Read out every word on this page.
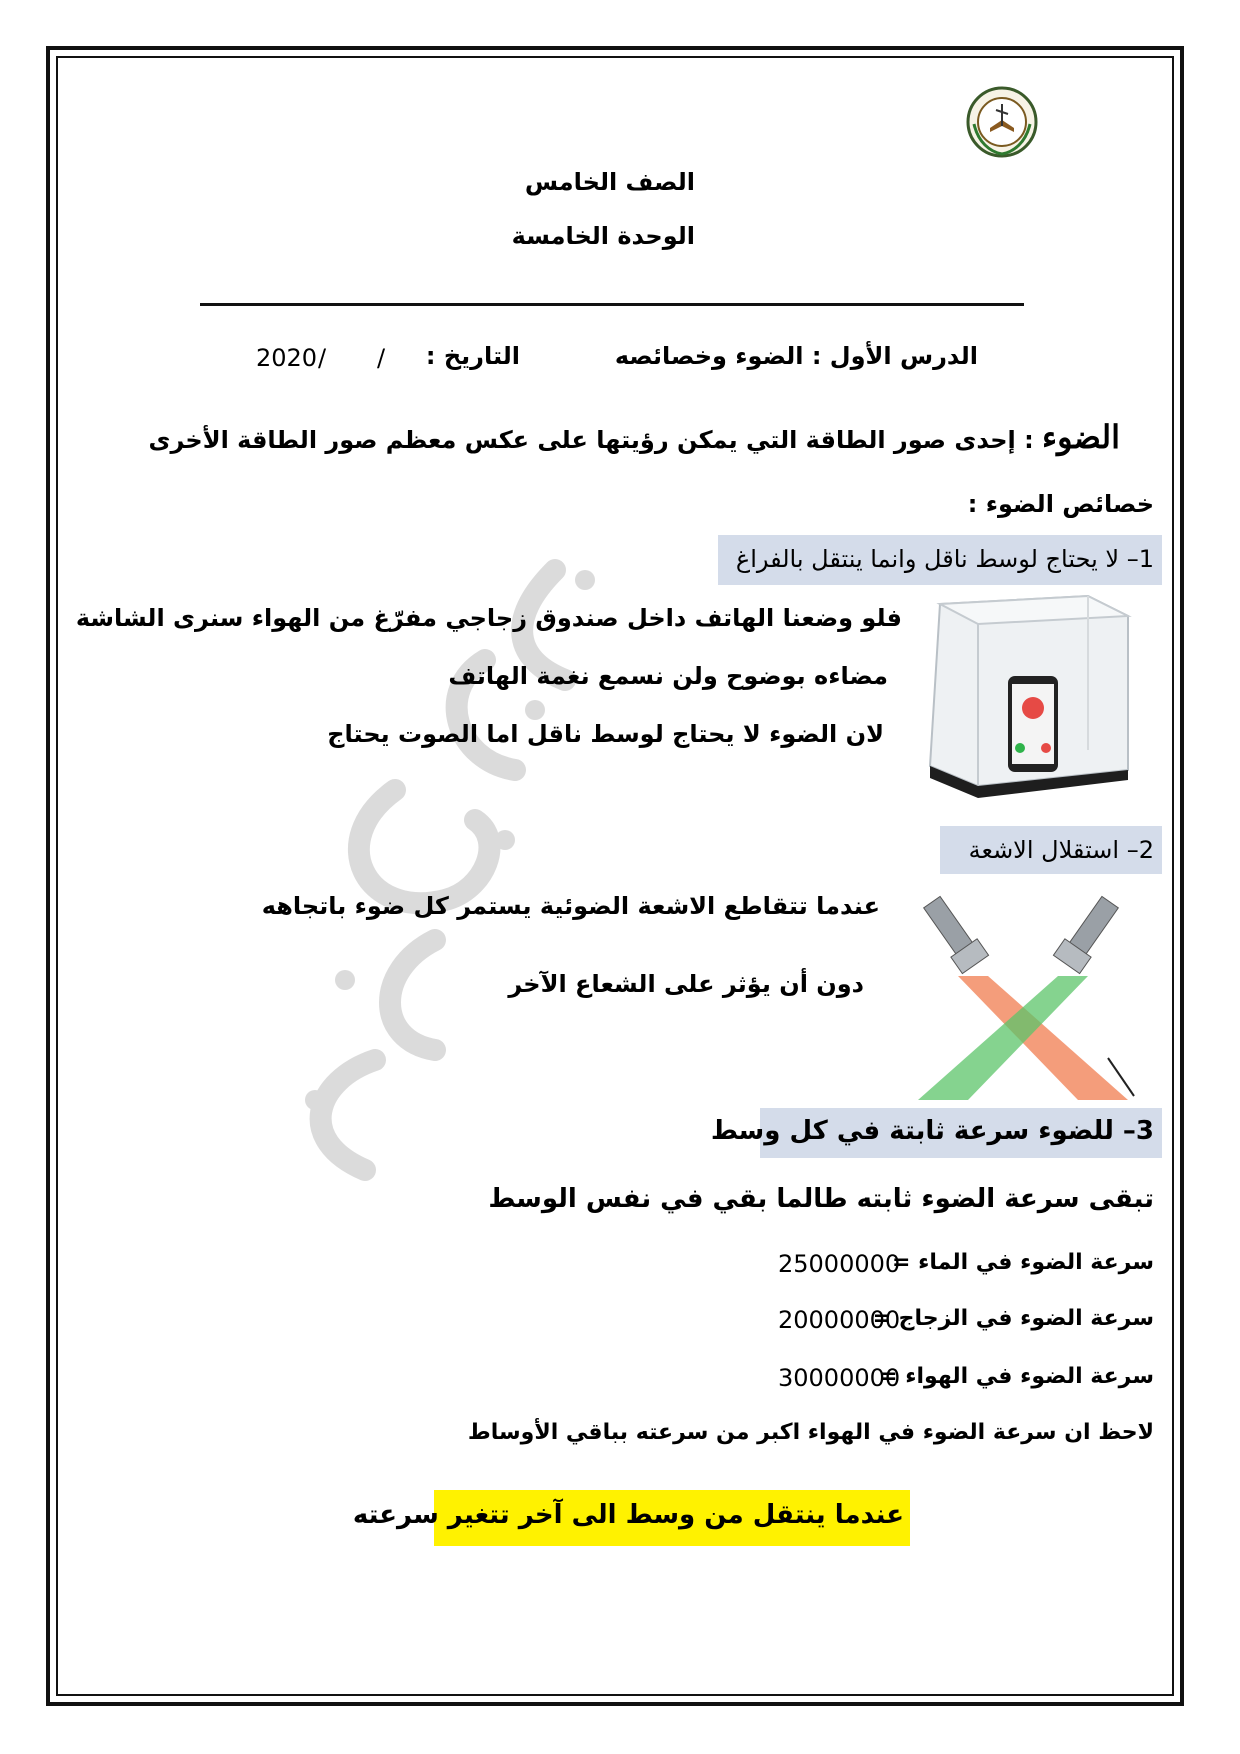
الصف الخامس
الوحدة الخامسة
الدرس الأول : الضوء وخصائصه
التاريخ :
/
/
2020
الضوء : إحدى صور الطاقة التي يمكن رؤيتها على عكس معظم صور الطاقة الأخرى
خصائص الضوء :
1– لا يحتاج لوسط ناقل وانما ينتقل بالفراغ
فلو وضعنا الهاتف داخل صندوق زجاجي مفرّغ من الهواء سنرى الشاشة
مضاءه بوضوح ولن نسمع نغمة الهاتف
لان الضوء لا يحتاج لوسط ناقل اما الصوت يحتاج
2– استقلال الاشعة
عندما تتقاطع الاشعة الضوئية يستمر كل ضوء باتجاهه
دون أن يؤثر على الشعاع الآخر
3– للضوء سرعة ثابتة في كل وسط
تبقى سرعة الضوء ثابته طالما بقي في نفس الوسط
سرعة الضوء في الماء =
25000000
سرعة الضوء في الزجاج =
20000000
سرعة الضوء في الهواء =
30000000
لاحظ ان سرعة الضوء في الهواء اكبر من سرعته بباقي الأوساط
عندما ينتقل من وسط الى آخر تتغير سرعته
